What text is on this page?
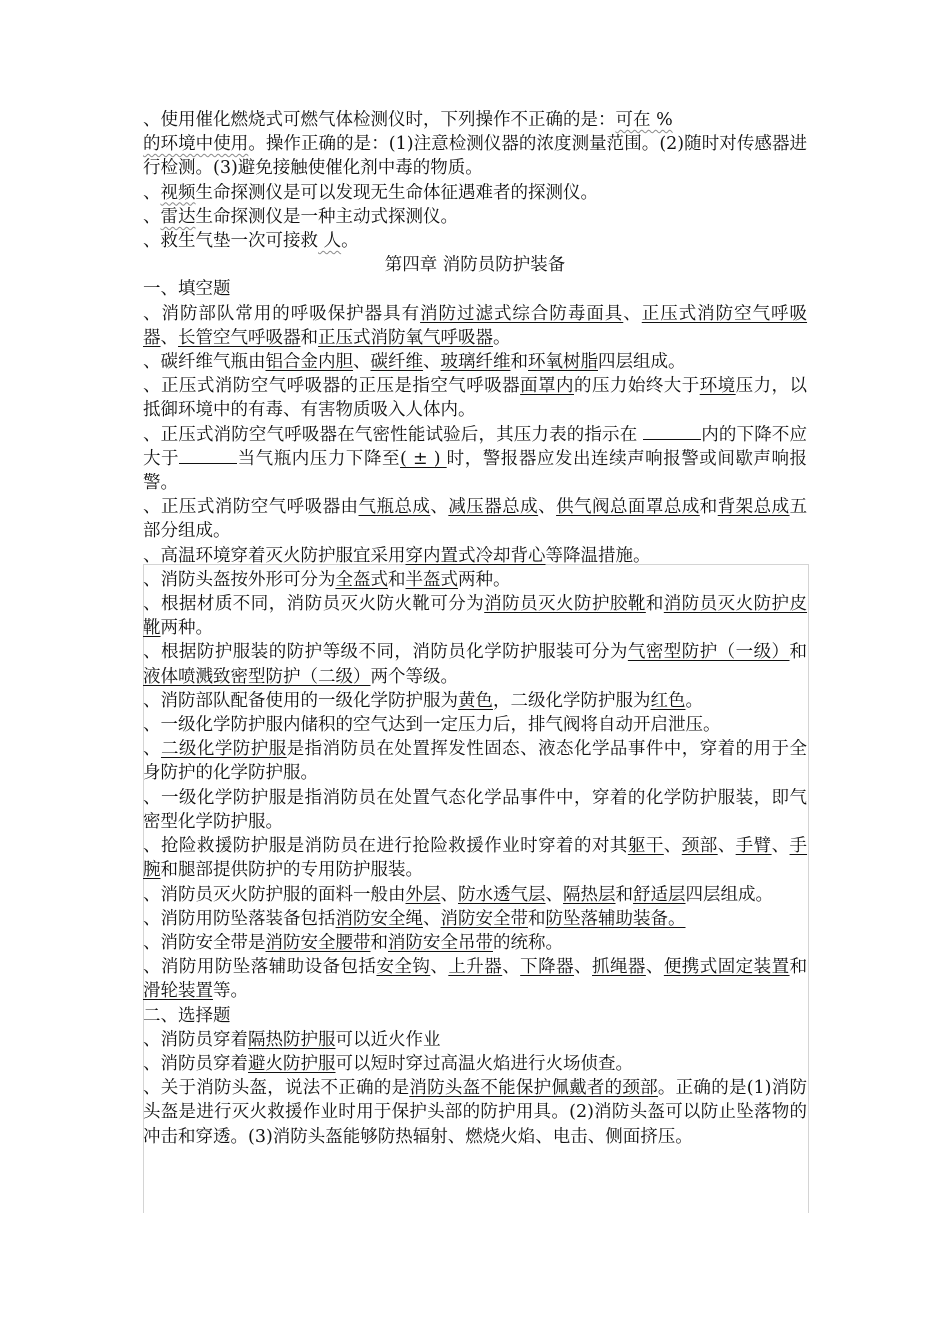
、使用催化燃烧式可燃气体检测仪时，下列操作不正确的是：可在 %

的环境中使用。操作正确的是：(1)注意检测仪器的浓度测量范围。(2)随时对传感器进行检测。(3)避免接触使催化剂中毒的物质。

、视频生命探测仪是可以发现无生命体征遇难者的探测仪。

、雷达生命探测仪是一种主动式探测仪。

、救生气垫一次可接救 人。

第四章 消防员防护装备

一、填空题

、消防部队常用的呼吸保护器具有消防过滤式综合防毒面具、正压式消防空气呼吸器、长管空气呼吸器和正压式消防氧气呼吸器。

、碳纤维气瓶由铝合金内胆、碳纤维、玻璃纤维和环氧树脂四层组成。

、正压式消防空气呼吸器的正压是指空气呼吸器面罩内的压力始终大于环境压力，以抵御环境中的有毒、有害物质吸入人体内。

、正压式消防空气呼吸器在气密性能试验后，其压力表的指示在	内的下降不应大于	当气瓶内压力下降至( ± ) 时，警报器应发出连续声响报警或间歇声响报警。

、正压式消防空气呼吸器由气瓶总成、减压器总成、供气阀总面罩总成和背架总成五部分组成。

、高温环境穿着灭火防护服宜采用穿内置式冷却背心等降温措施。

、消防头盔按外形可分为全盔式和半盔式两种。

、根据材质不同，消防员灭火防火靴可分为消防员灭火防护胶靴和消防员灭火防护皮靴两种。

、根据防护服装的防护等级不同，消防员化学防护服装可分为气密型防护（一级）和液体喷溅致密型防护（二级）两个等级。

、消防部队配备使用的一级化学防护服为黄色，二级化学防护服为红色。

、一级化学防护服内储积的空气达到一定压力后，排气阀将自动开启泄压。

、二级化学防护服是指消防员在处置挥发性固态、液态化学品事件中，穿着的用于全身防护的化学防护服。

、一级化学防护服是指消防员在处置气态化学品事件中，穿着的化学防护服装，即气密型化学防护服。

、抢险救援防护服是消防员在进行抢险救援作业时穿着的对其躯干、颈部、手臂、手腕和腿部提供防护的专用防护服装。

、消防员灭火防护服的面料一般由外层、防水透气层、隔热层和舒适层四层组成。

、消防用防坠落装备包括消防安全绳、消防安全带和防坠落辅助装备。

、消防安全带是消防安全腰带和消防安全吊带的统称。

、消防用防坠落辅助设备包括安全钩、上升器、下降器、抓绳器、便携式固定装置和滑轮装置等。

二、选择题

、消防员穿着隔热防护服可以近火作业

、消防员穿着避火防护服可以短时穿过高温火焰进行火场侦查。

、关于消防头盔，说法不正确的是消防头盔不能保护佩戴者的颈部。正确的是(1)消防头盔是进行灭火救援作业时用于保护头部的防护用具。(2)消防头盔可以防止坠落物的冲击和穿透。(3)消防头盔能够防热辐射、燃烧火焰、电击、侧面挤压。
